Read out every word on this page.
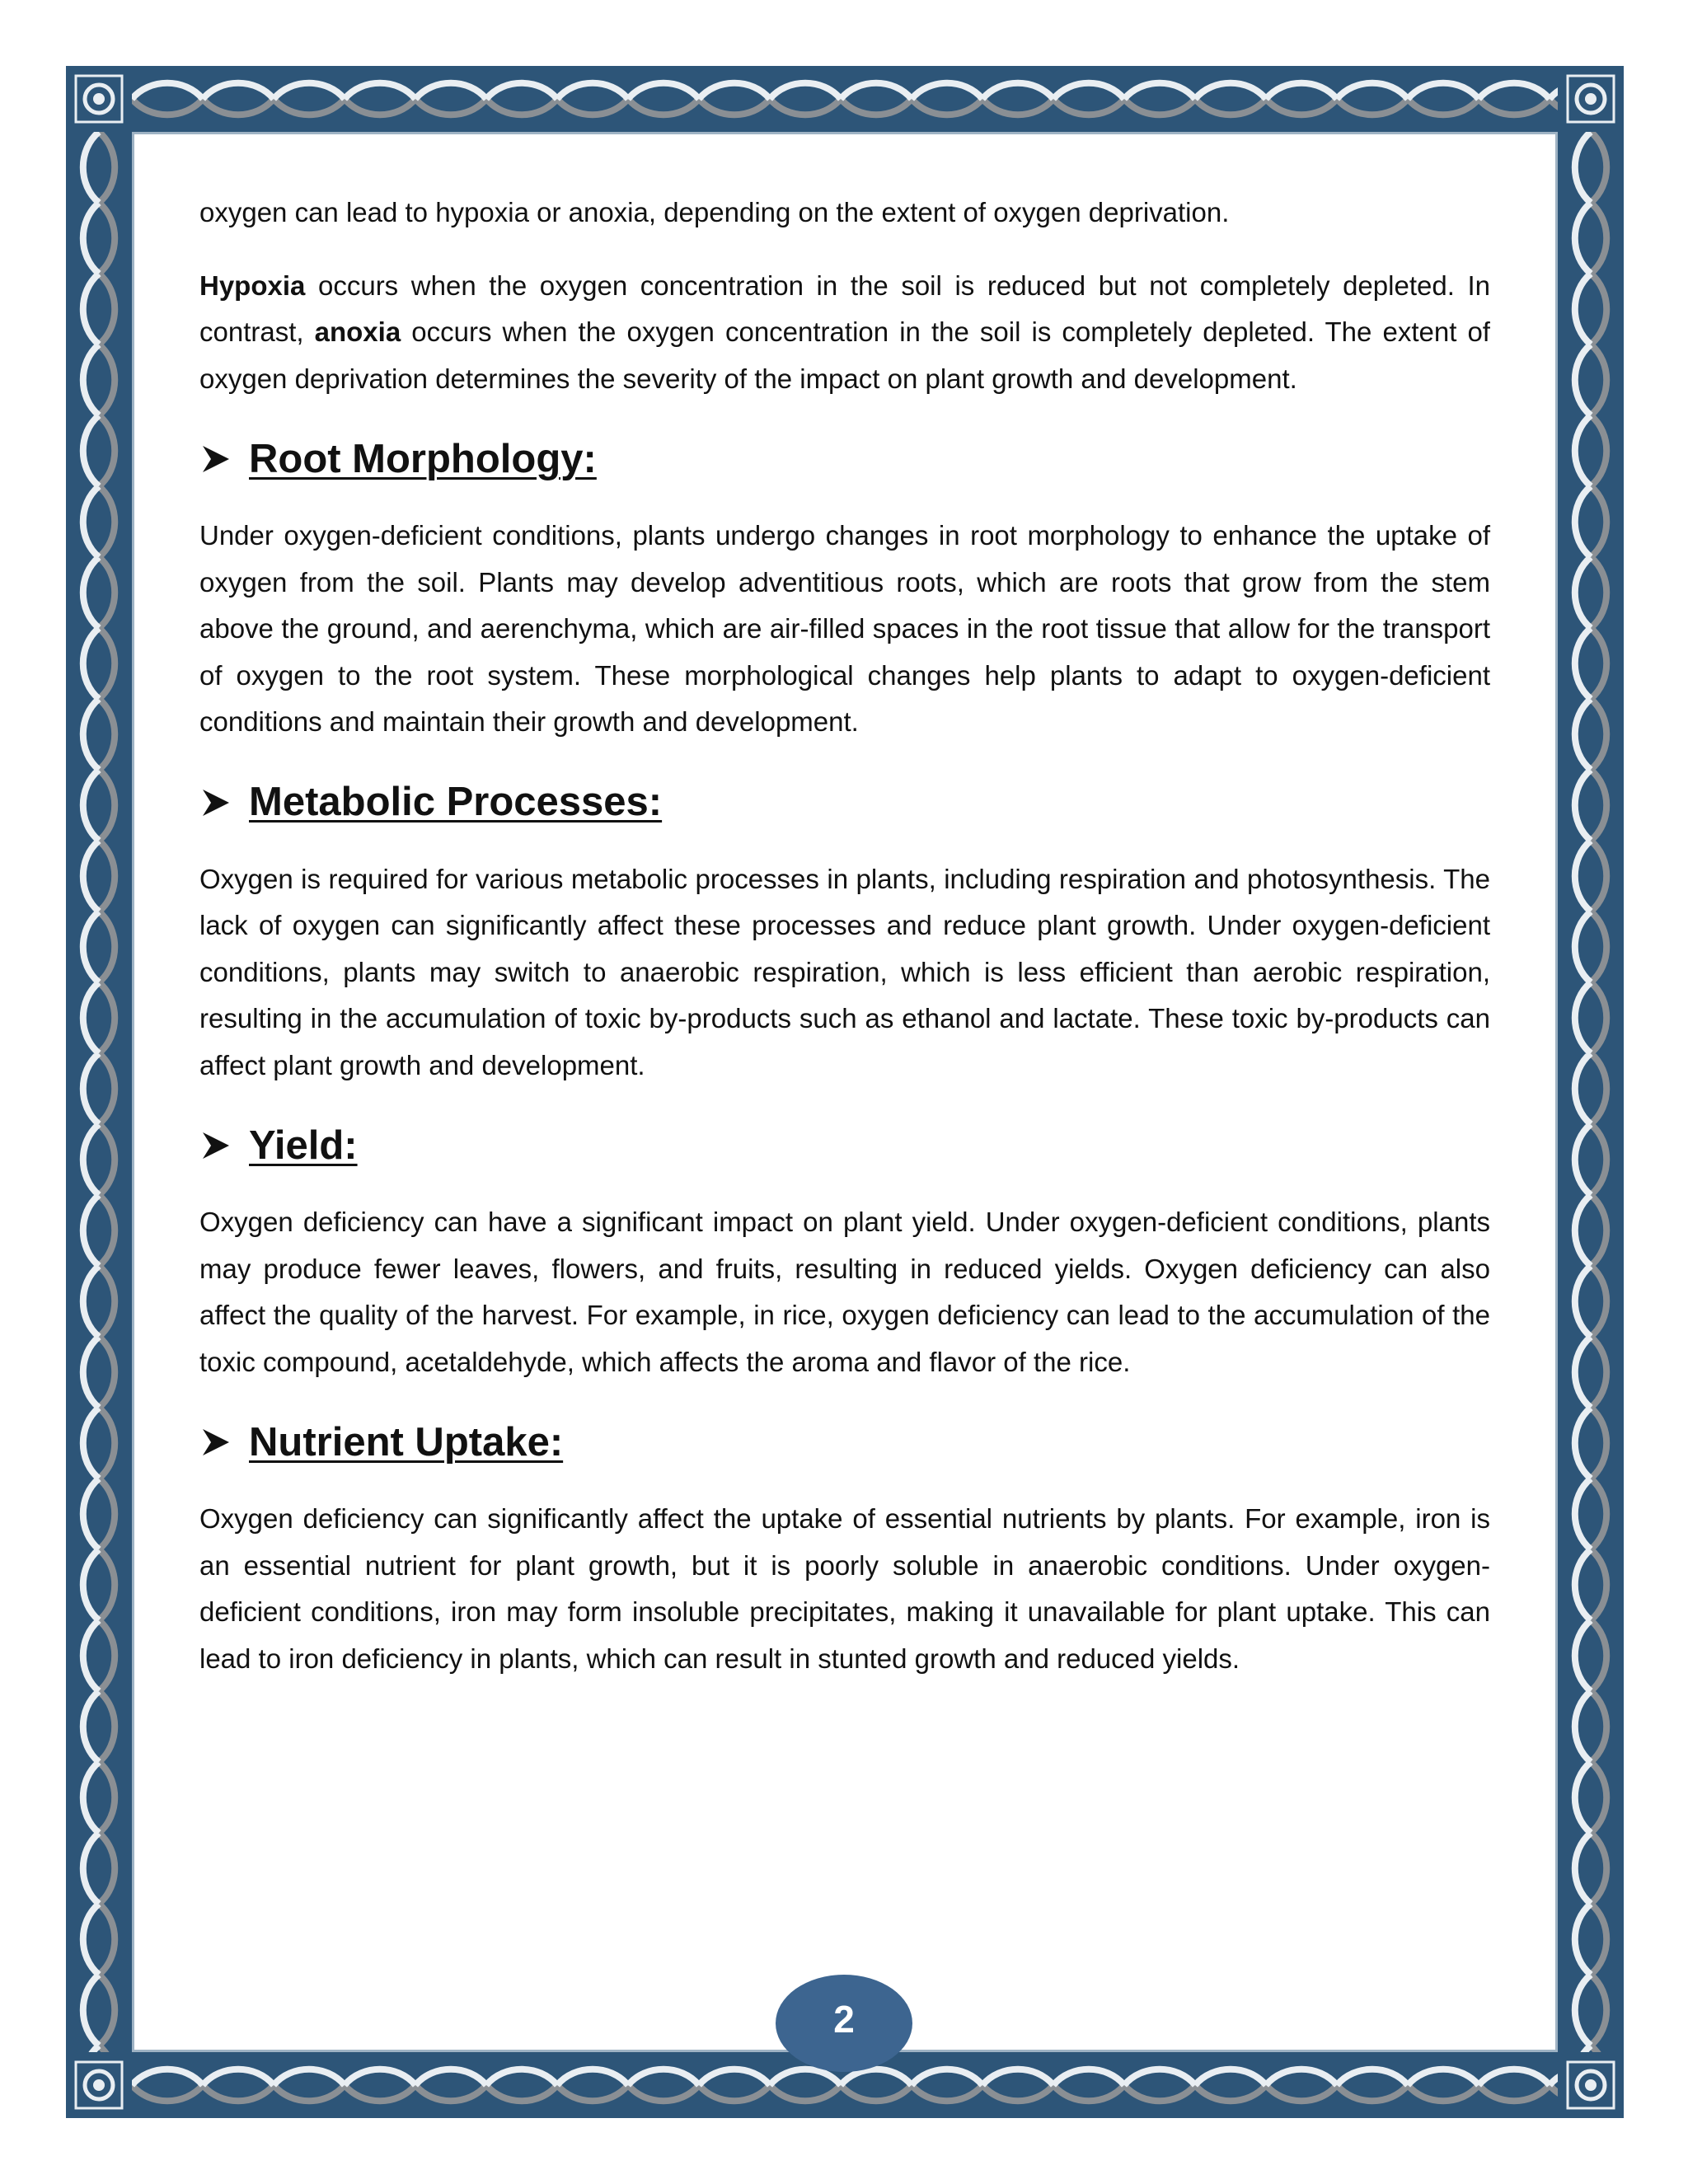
oxygen can lead to hypoxia or anoxia, depending on the extent of oxygen deprivation.

Hypoxia occurs when the oxygen concentration in the soil is reduced but not completely depleted. In contrast, anoxia occurs when the oxygen concentration in the soil is completely depleted. The extent of oxygen deprivation determines the severity of the impact on plant growth and development.

Root Morphology:

Under oxygen-deficient conditions, plants undergo changes in root morphology to enhance the uptake of oxygen from the soil. Plants may develop adventitious roots, which are roots that grow from the stem above the ground, and aerenchyma, which are air-filled spaces in the root tissue that allow for the transport of oxygen to the root system. These morphological changes help plants to adapt to oxygen-deficient conditions and maintain their growth and development.

Metabolic Processes:

Oxygen is required for various metabolic processes in plants, including respiration and photosynthesis. The lack of oxygen can significantly affect these processes and reduce plant growth. Under oxygen-deficient conditions, plants may switch to anaerobic respiration, which is less efficient than aerobic respiration, resulting in the accumulation of toxic by-products such as ethanol and lactate. These toxic by-products can affect plant growth and development.

Yield:

Oxygen deficiency can have a significant impact on plant yield. Under oxygen-deficient conditions, plants may produce fewer leaves, flowers, and fruits, resulting in reduced yields. Oxygen deficiency can also affect the quality of the harvest. For example, in rice, oxygen deficiency can lead to the accumulation of the toxic compound, acetaldehyde, which affects the aroma and flavor of the rice.

Nutrient Uptake:

Oxygen deficiency can significantly affect the uptake of essential nutrients by plants. For example, iron is an essential nutrient for plant growth, but it is poorly soluble in anaerobic conditions. Under oxygen-deficient conditions, iron may form insoluble precipitates, making it unavailable for plant uptake. This can lead to iron deficiency in plants, which can result in stunted growth and reduced yields.

2
